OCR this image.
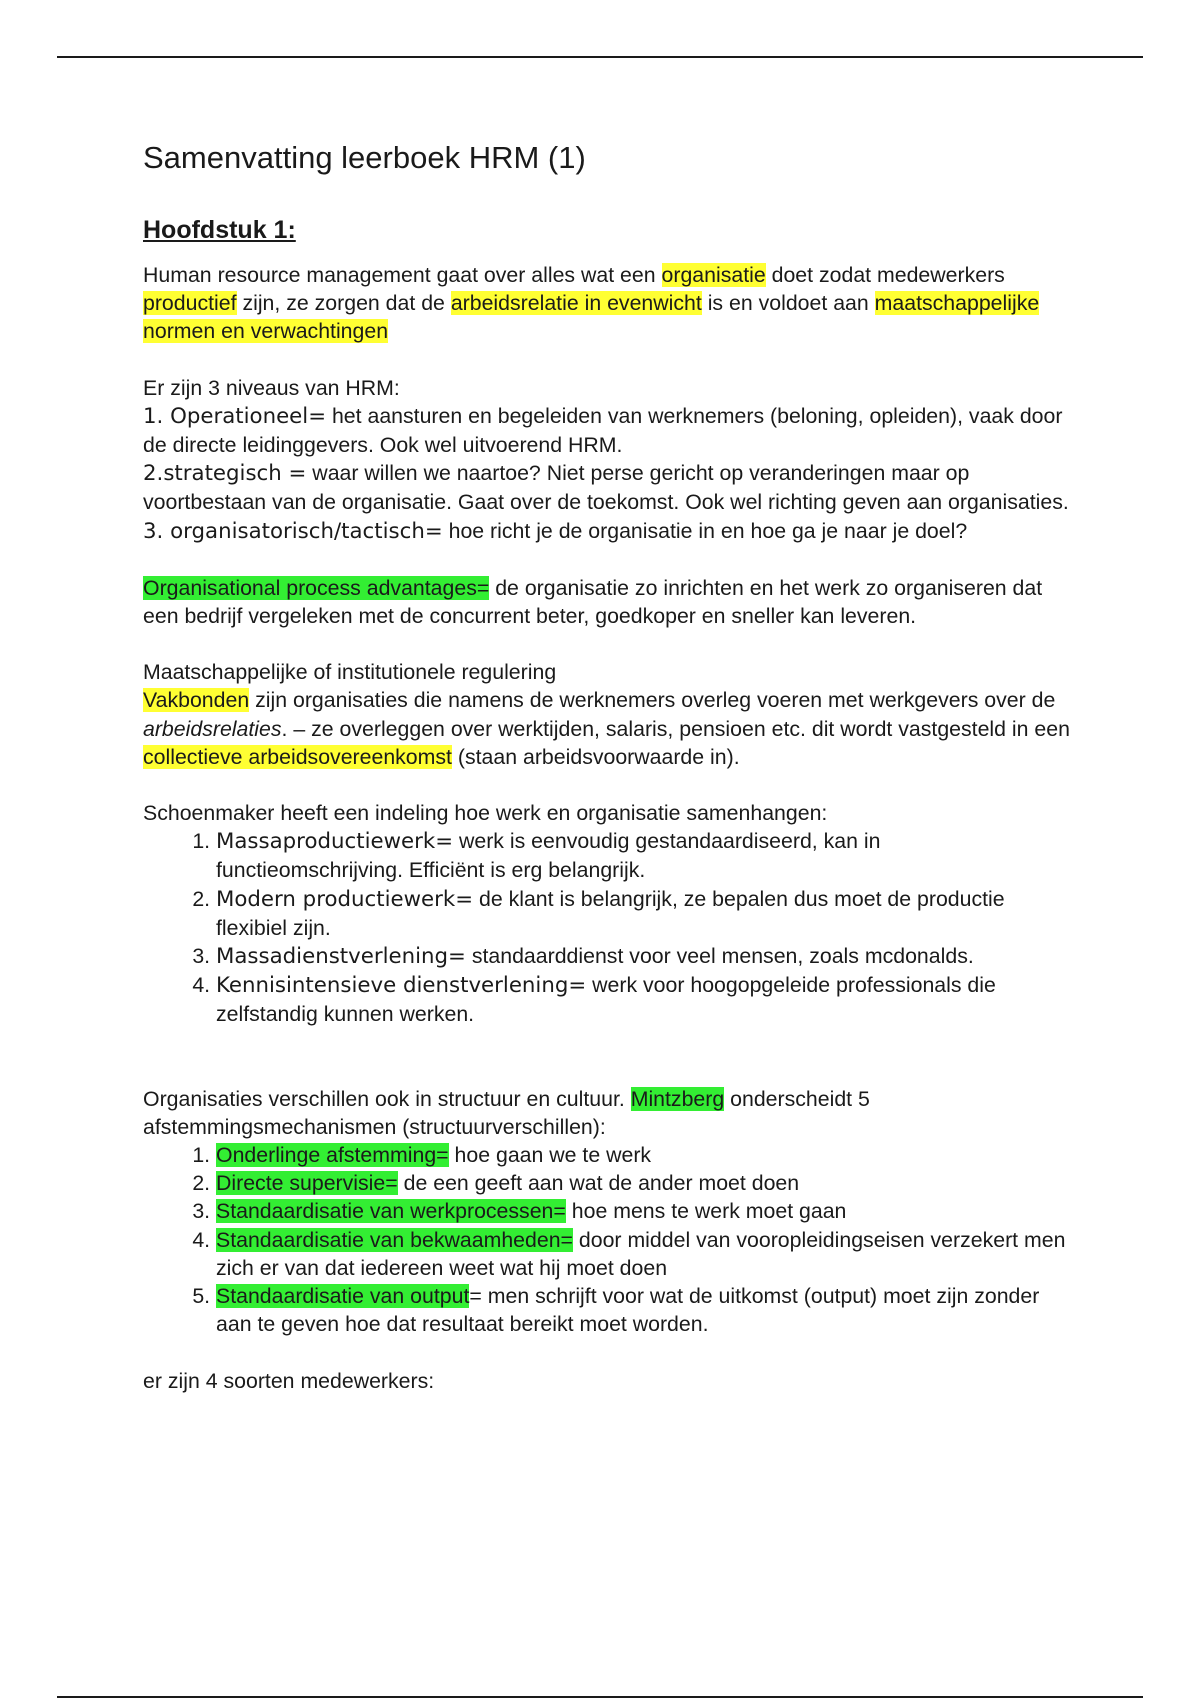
Samenvatting leerboek HRM (1)
Hoofdstuk 1:

Human resource management gaat over alles wat een organisatie doet zodat medewerkers productief zijn, ze zorgen dat de arbeidsrelatie in evenwicht is en voldoet aan maatschappelijke normen en verwachtingen

Er zijn 3 niveaus van HRM:

1. Operationeel= het aansturen en begeleiden van werknemers (beloning, opleiden), vaak door de directe leidinggevers. Ook wel uitvoerend HRM.

2.strategisch = waar willen we naartoe? Niet perse gericht op veranderingen maar op voortbestaan van de organisatie. Gaat over de toekomst. Ook wel richting geven aan organisaties.

3. organisatorisch/tactisch= hoe richt je de organisatie in en hoe ga je naar je doel?

Organisational process advantages= de organisatie zo inrichten en het werk zo organiseren dat een bedrijf vergeleken met de concurrent beter, goedkoper en sneller kan leveren.

Maatschappelijke of institutionele regulering

Vakbonden zijn organisaties die namens de werknemers overleg voeren met werkgevers over de arbeidsrelaties. – ze overleggen over werktijden, salaris, pensioen etc. dit wordt vastgesteld in een collectieve arbeidsovereenkomst (staan arbeidsvoorwaarde in).

Schoenmaker heeft een indeling hoe werk en organisatie samenhangen:

1. Massaproductiewerk= werk is eenvoudig gestandaardiseerd, kan in functieomschrijving. Efficiënt is erg belangrijk.
2. Modern productiewerk= de klant is belangrijk, ze bepalen dus moet de productie flexibiel zijn.
3. Massadienstverlening= standaarddienst voor veel mensen, zoals mcdonalds.
4. Kennisintensieve dienstverlening= werk voor hoogopgeleide professionals die zelfstandig kunnen werken.

Organisaties verschillen ook in structuur en cultuur. Mintzberg onderscheidt 5 afstemmingsmechanismen (structuurverschillen):

1. Onderlinge afstemming= hoe gaan we te werk
2. Directe supervisie= de een geeft aan wat de ander moet doen
3. Standaardisatie van werkprocessen= hoe mens te werk moet gaan
4. Standaardisatie van bekwaamheden= door middel van vooropleidingseisen verzekert men zich er van dat iedereen weet wat hij moet doen
5. Standaardisatie van output= men schrijft voor wat de uitkomst (output) moet zijn zonder aan te geven hoe dat resultaat bereikt moet worden.

er zijn 4 soorten medewerkers:
